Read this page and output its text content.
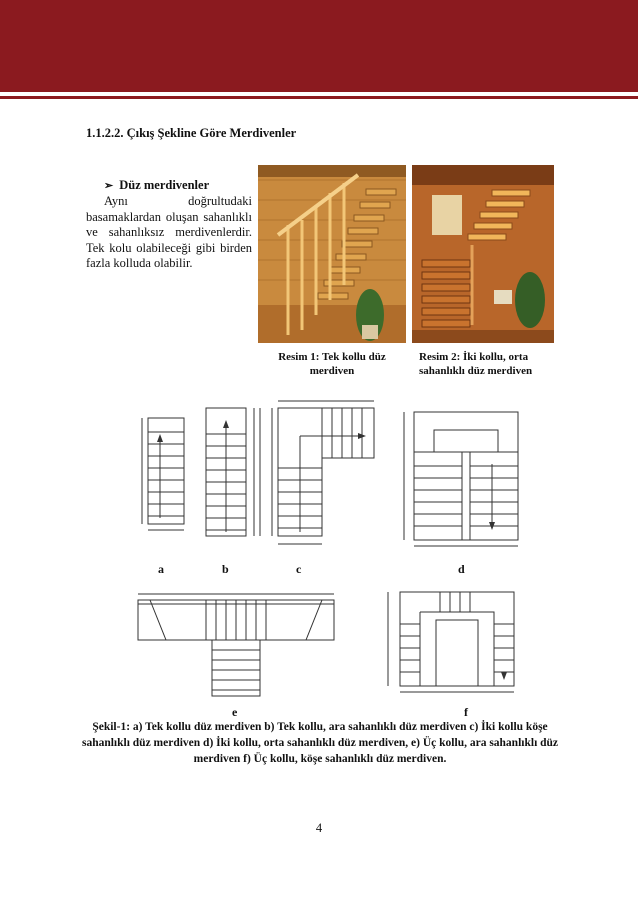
1.1.2.2. Çıkış Şekline Göre Merdivenler
➢ Düz merdivenler
Aynı doğrultudaki basamaklardan oluşan sahanlıklı ve sahanlıksız merdivenlerdir. Tek kolu olabileceği gibi birden fazla kolluda olabilir.
Resim 1: Tek kollu düz merdiven
Resim 2: İki kollu, orta sahanlıklı düz merdiven
a	b	c	d
e	f
Şekil-1: a) Tek kollu düz merdiven b) Tek kollu, ara sahanlıklı düz merdiven c) İki kollu köşe sahanlıklı düz merdiven d) İki kollu, orta sahanlıklı düz merdiven, e) Üç kollu, ara sahanlıklı düz merdiven f) Üç kollu, köşe sahanlıklı düz merdiven.
4
